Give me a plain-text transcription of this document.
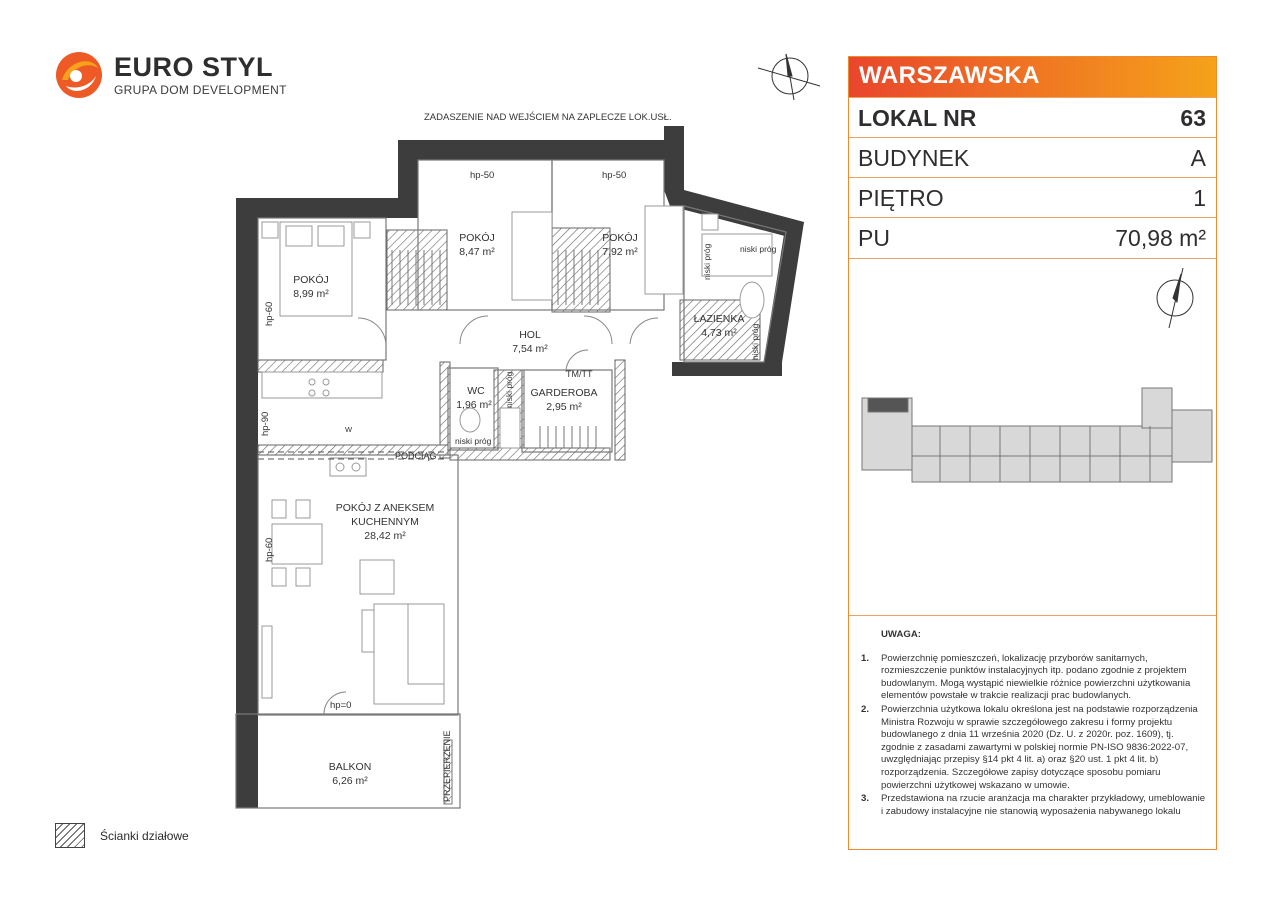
ZADASZENIE NAD WEJŚCIEM NA ZAPLECZE LOK.USŁ.
POKÓJ
8,99 m²
POKÓJ
8,47 m²
POKÓJ
7,92 m²
ŁAZIENKA
4,73 m²
HOL
7,54 m²
WC
1,96 m²
GARDEROBA
2,95 m²
POKÓJ Z ANEKSEM
KUCHENNYM
28,42 m²
BALKON
6,26 m²
hp-50	hp-50
hp-60
hp-90
hp-60
hp=0
niski próg
niski próg
niski próg
niski próg
niski próg
PODCIĄG
TM/TT
W
PRZEPIERZENIE
EURO STYL
GRUPA DOM DEVELOPMENT
WARSZAWSKA
LOKAL NR	63
BUDYNEK	A
PIĘTRO	1
PU	70,98 m²
UWAGA:
1. Powierzchnię pomieszczeń, lokalizację przyborów sanitarnych, rozmieszczenie punktów instalacyjnych itp. podano zgodnie z projektem budowlanym. Mogą wystąpić niewielkie różnice powierzchni użytkowania elementów powstałe w trakcie realizacji prac budowlanych.
2. Powierzchnia użytkowa lokalu określona jest na podstawie rozporządzenia Ministra Rozwoju w sprawie szczegółowego zakresu i formy projektu budowlanego z dnia 11 września 2020 (Dz. U. z 2020r. poz. 1609), tj. zgodnie z zasadami zawartymi w polskiej normie PN-ISO 9836:2022-07, uwzględniając przepisy §14 pkt 4 lit. a) oraz §20 ust. 1 pkt 4 lit. b) rozporządzenia. Szczegółowe zapisy dotyczące sposobu pomiaru powierzchni użytkowej wskazano w umowie.
3. Przedstawiona na rzucie aranżacja ma charakter przykładowy, umeblowanie i zabudowy instalacyjne nie stanowią wyposażenia nabywanego lokalu
Ścianki działowe
